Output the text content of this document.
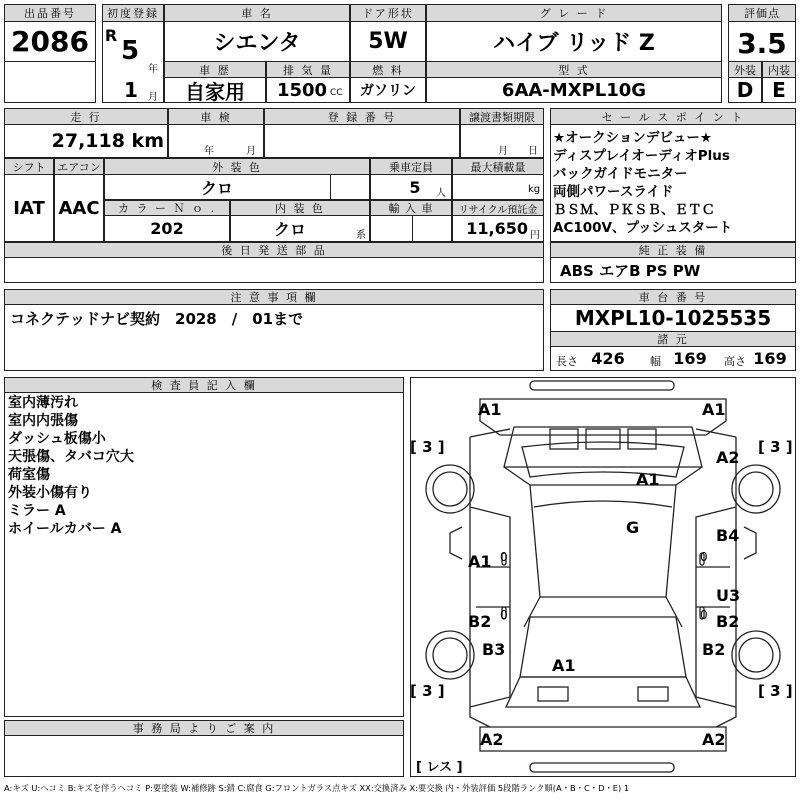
出品番号
2086
初度登録
R
5
年
1	月
車 名
シエンタ
ドア形状
5W
グ レ ー ド
ハイブ リッド Z
評価点
3.5
車 歴
自家用
排 気 量
1500 CC
燃 料
ガソリン
型 式
6AA-MXPL10G
外装	内装
D E
走 行
27,118 km
車 検
年	月
登 録 番 号	譲渡書類期限
月 日
シフト	エアコン
IAT AAC
外 装 色
クロ
乗車定員
5	人
最大積載量
kg
カ ラ ー Ｎ ｏ .
202
内 装 色
クロ	系
輸 入 車	リサイクル預託金
11,650 円
後 日 発 送 部 品
セ ー ル ス ポ イ ン ト
★オークションデビュー★
ディスプレイオーディオPlus
バックガイドモニター
両側パワースライド
ＢＳＭ、ＰＫＳＢ、ＥＴＣ
AC100V、プッシュスタート
純 正 装 備
ABS エアB PS PW
注 意 事 項 欄
コネクテッドナビ契約　2028　/　01まで
車 台 番 号
MXPL10-1025535
諸 元
長さ 426 幅 169 高さ 169
検 査 員 記 入 欄
室内薄汚れ
室内内張傷
ダッシュ板傷小
天張傷、タバコ穴大
荷室傷
外装小傷有り
ミラー A
ホイールカバー A
事 務 局 よ り ご 案 内
A1	A1
A1
G
A2
B4
U3
B2
B2
A1
B2
B3
A1
A2	A2
[ 3 ]	[ 3 ]
[ 3 ]	[ 3 ]
[ レス ]
0
0
0
0
A:キズ U:ヘコミ B:キズを伴うヘコミ P:要塗装 W:補修跡 S:錆 C:腐食 G:フロントガラス点キズ XX:交換済み X:要交換 内・外装評価 5段階ランク順(A・B・C・D・E) 1
